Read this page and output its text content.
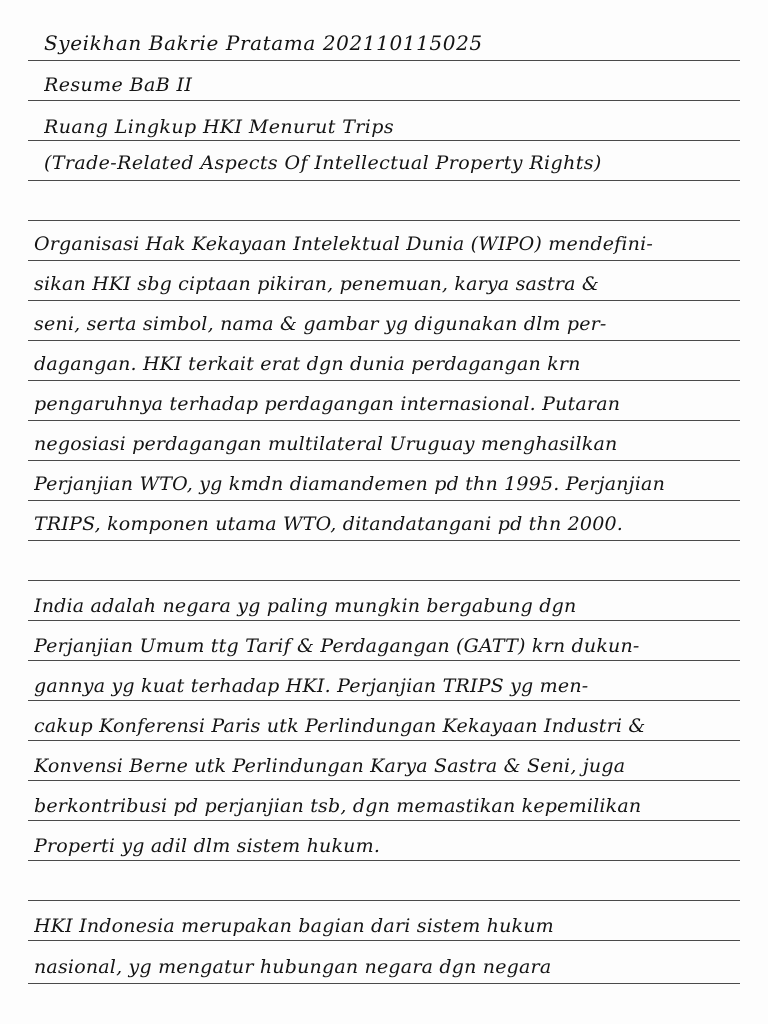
Syeikhan Bakrie Pratama 202110115025
Resume BaB II
Ruang Lingkup HKI Menurut Trips
(Trade-Related Aspects Of Intellectual Property Rights)
Organisasi Hak Kekayaan Intelektual Dunia (WIPO) mendefini-
sikan HKI sbg ciptaan pikiran, penemuan, karya sastra &
seni, serta simbol, nama & gambar yg digunakan dlm per-
dagangan. HKI terkait erat dgn dunia perdagangan krn
pengaruhnya terhadap perdagangan internasional. Putaran
negosiasi perdagangan multilateral Uruguay menghasilkan
Perjanjian WTO, yg kmdn diamandemen pd thn 1995. Perjanjian
TRIPS, komponen utama WTO, ditandatangani pd thn 2000.
India adalah negara yg paling mungkin bergabung dgn
Perjanjian Umum ttg Tarif & Perdagangan (GATT) krn dukun-
gannya yg kuat terhadap HKI. Perjanjian TRIPS yg men-
cakup Konferensi Paris utk Perlindungan Kekayaan Industri &
Konvensi Berne utk Perlindungan Karya Sastra & Seni, juga
berkontribusi pd perjanjian tsb, dgn memastikan kepemilikan
Properti yg adil dlm sistem hukum.
HKI Indonesia merupakan bagian dari sistem hukum
nasional, yg mengatur hubungan negara dgn negara
